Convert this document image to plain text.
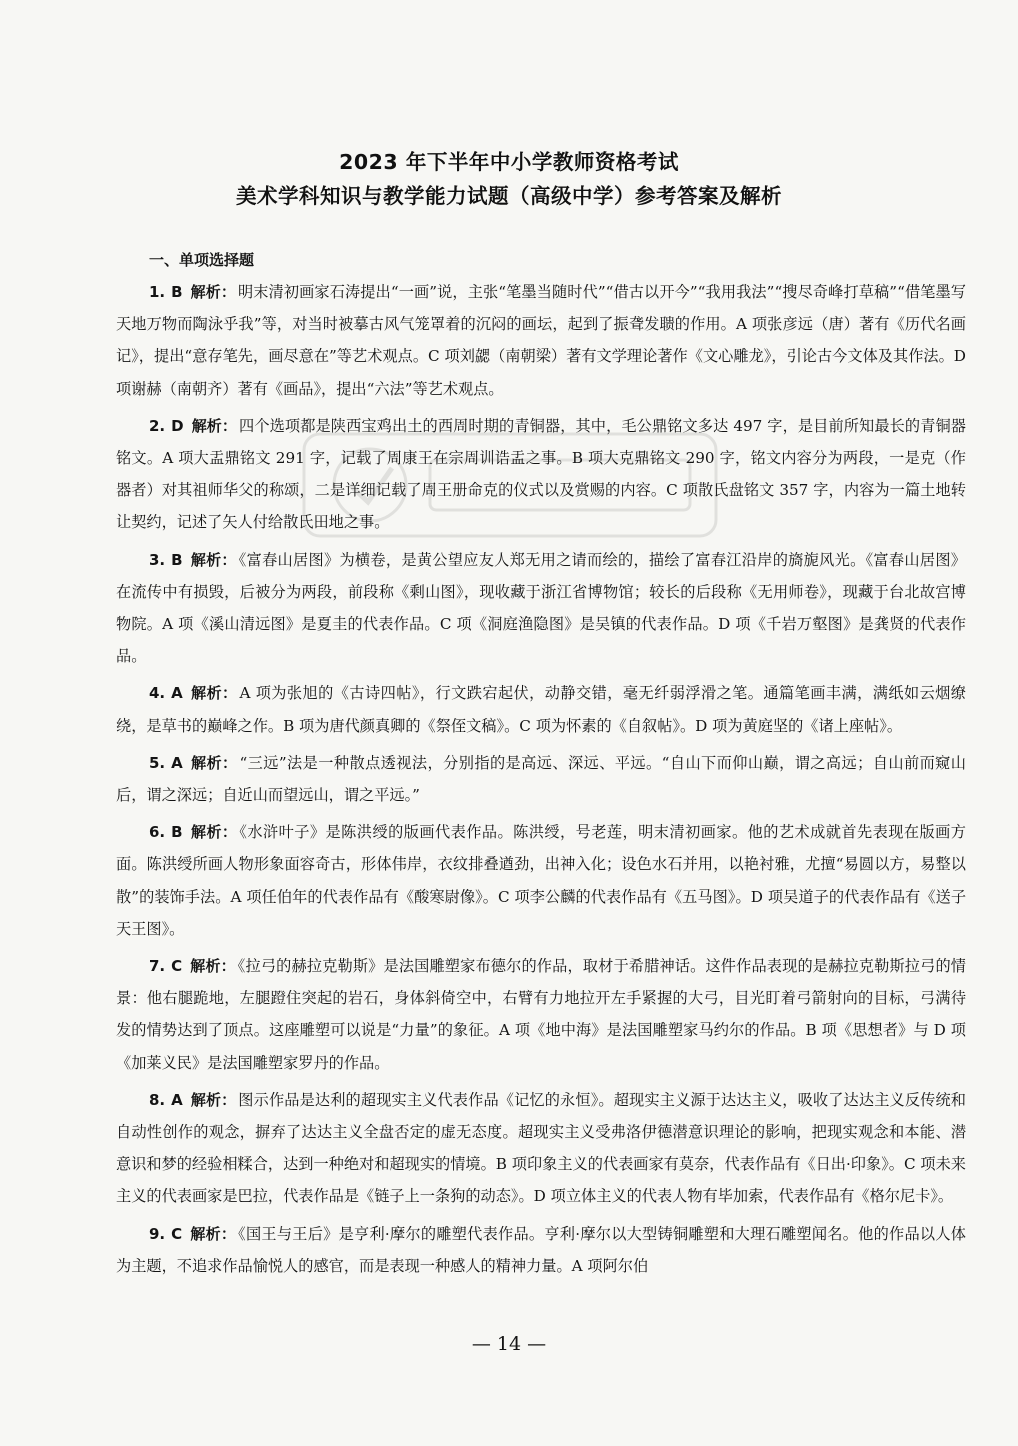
2023 年下半年中小学教师资格考试
美术学科知识与教学能力试题（高级中学）参考答案及解析
一、单项选择题

1. B 解析： 明末清初画家石涛提出“一画”说，主张“笔墨当随时代”“借古以开今”“我用我法”“搜尽奇峰打草稿”“借笔墨写天地万物而陶泳乎我”等，对当时被摹古风气笼罩着的沉闷的画坛，起到了振聋发聩的作用。A 项张彦远（唐）著有《历代名画记》，提出“意存笔先，画尽意在”等艺术观点。C 项刘勰（南朝梁）著有文学理论著作《文心雕龙》，引论古今文体及其作法。D 项谢赫（南朝齐）著有《画品》，提出“六法”等艺术观点。

2. D 解析： 四个选项都是陕西宝鸡出土的西周时期的青铜器，其中，毛公鼎铭文多达 497 字，是目前所知最长的青铜器铭文。A 项大盂鼎铭文 291 字，记载了周康王在宗周训诰盂之事。B 项大克鼎铭文 290 字，铭文内容分为两段，一是克（作器者）对其祖师华父的称颂，二是详细记载了周王册命克的仪式以及赏赐的内容。C 项散氏盘铭文 357 字，内容为一篇土地转让契约，记述了矢人付给散氏田地之事。

3. B 解析： 《富春山居图》为横卷，是黄公望应友人郑无用之请而绘的，描绘了富春江沿岸的旖旎风光。《富春山居图》在流传中有损毁，后被分为两段，前段称《剩山图》，现收藏于浙江省博物馆；较长的后段称《无用师卷》，现藏于台北故宫博物院。A 项《溪山清远图》是夏圭的代表作品。C 项《洞庭渔隐图》是吴镇的代表作品。D 项《千岩万壑图》是龚贤的代表作品。

4. A 解析： A 项为张旭的《古诗四帖》，行文跌宕起伏，动静交错，毫无纤弱浮滑之笔。通篇笔画丰满，满纸如云烟缭绕，是草书的巅峰之作。B 项为唐代颜真卿的《祭侄文稿》。C 项为怀素的《自叙帖》。D 项为黄庭坚的《诸上座帖》。

5. A 解析： “三远”法是一种散点透视法，分别指的是高远、深远、平远。“自山下而仰山巅，谓之高远；自山前而窥山后，谓之深远；自近山而望远山，谓之平远。”

6. B 解析： 《水浒叶子》是陈洪绶的版画代表作品。陈洪绶，号老莲，明末清初画家。他的艺术成就首先表现在版画方面。陈洪绶所画人物形象面容奇古，形体伟岸，衣纹排叠遒劲，出神入化；设色水石并用，以艳衬雅，尤擅“易圆以方，易整以散”的装饰手法。A 项任伯年的代表作品有《酸寒尉像》。C 项李公麟的代表作品有《五马图》。D 项吴道子的代表作品有《送子天王图》。

7. C 解析： 《拉弓的赫拉克勒斯》是法国雕塑家布德尔的作品，取材于希腊神话。这件作品表现的是赫拉克勒斯拉弓的情景：他右腿跪地，左腿蹬住突起的岩石，身体斜倚空中，右臂有力地拉开左手紧握的大弓，目光盯着弓箭射向的目标，弓满待发的情势达到了顶点。这座雕塑可以说是“力量”的象征。A 项《地中海》是法国雕塑家马约尔的作品。B 项《思想者》与 D 项《加莱义民》是法国雕塑家罗丹的作品。

8. A 解析： 图示作品是达利的超现实主义代表作品《记忆的永恒》。超现实主义源于达达主义，吸收了达达主义反传统和自动性创作的观念，摒弃了达达主义全盘否定的虚无态度。超现实主义受弗洛伊德潜意识理论的影响，把现实观念和本能、潜意识和梦的经验相糅合，达到一种绝对和超现实的情境。B 项印象主义的代表画家有莫奈，代表作品有《日出·印象》。C 项未来主义的代表画家是巴拉，代表作品是《链子上一条狗的动态》。D 项立体主义的代表人物有毕加索，代表作品有《格尔尼卡》。

9. C 解析： 《国王与王后》是亨利·摩尔的雕塑代表作品。亨利·摩尔以大型铸铜雕塑和大理石雕塑闻名。他的作品以人体为主题，不追求作品愉悦人的感官，而是表现一种感人的精神力量。A 项阿尔伯

— 14 —
